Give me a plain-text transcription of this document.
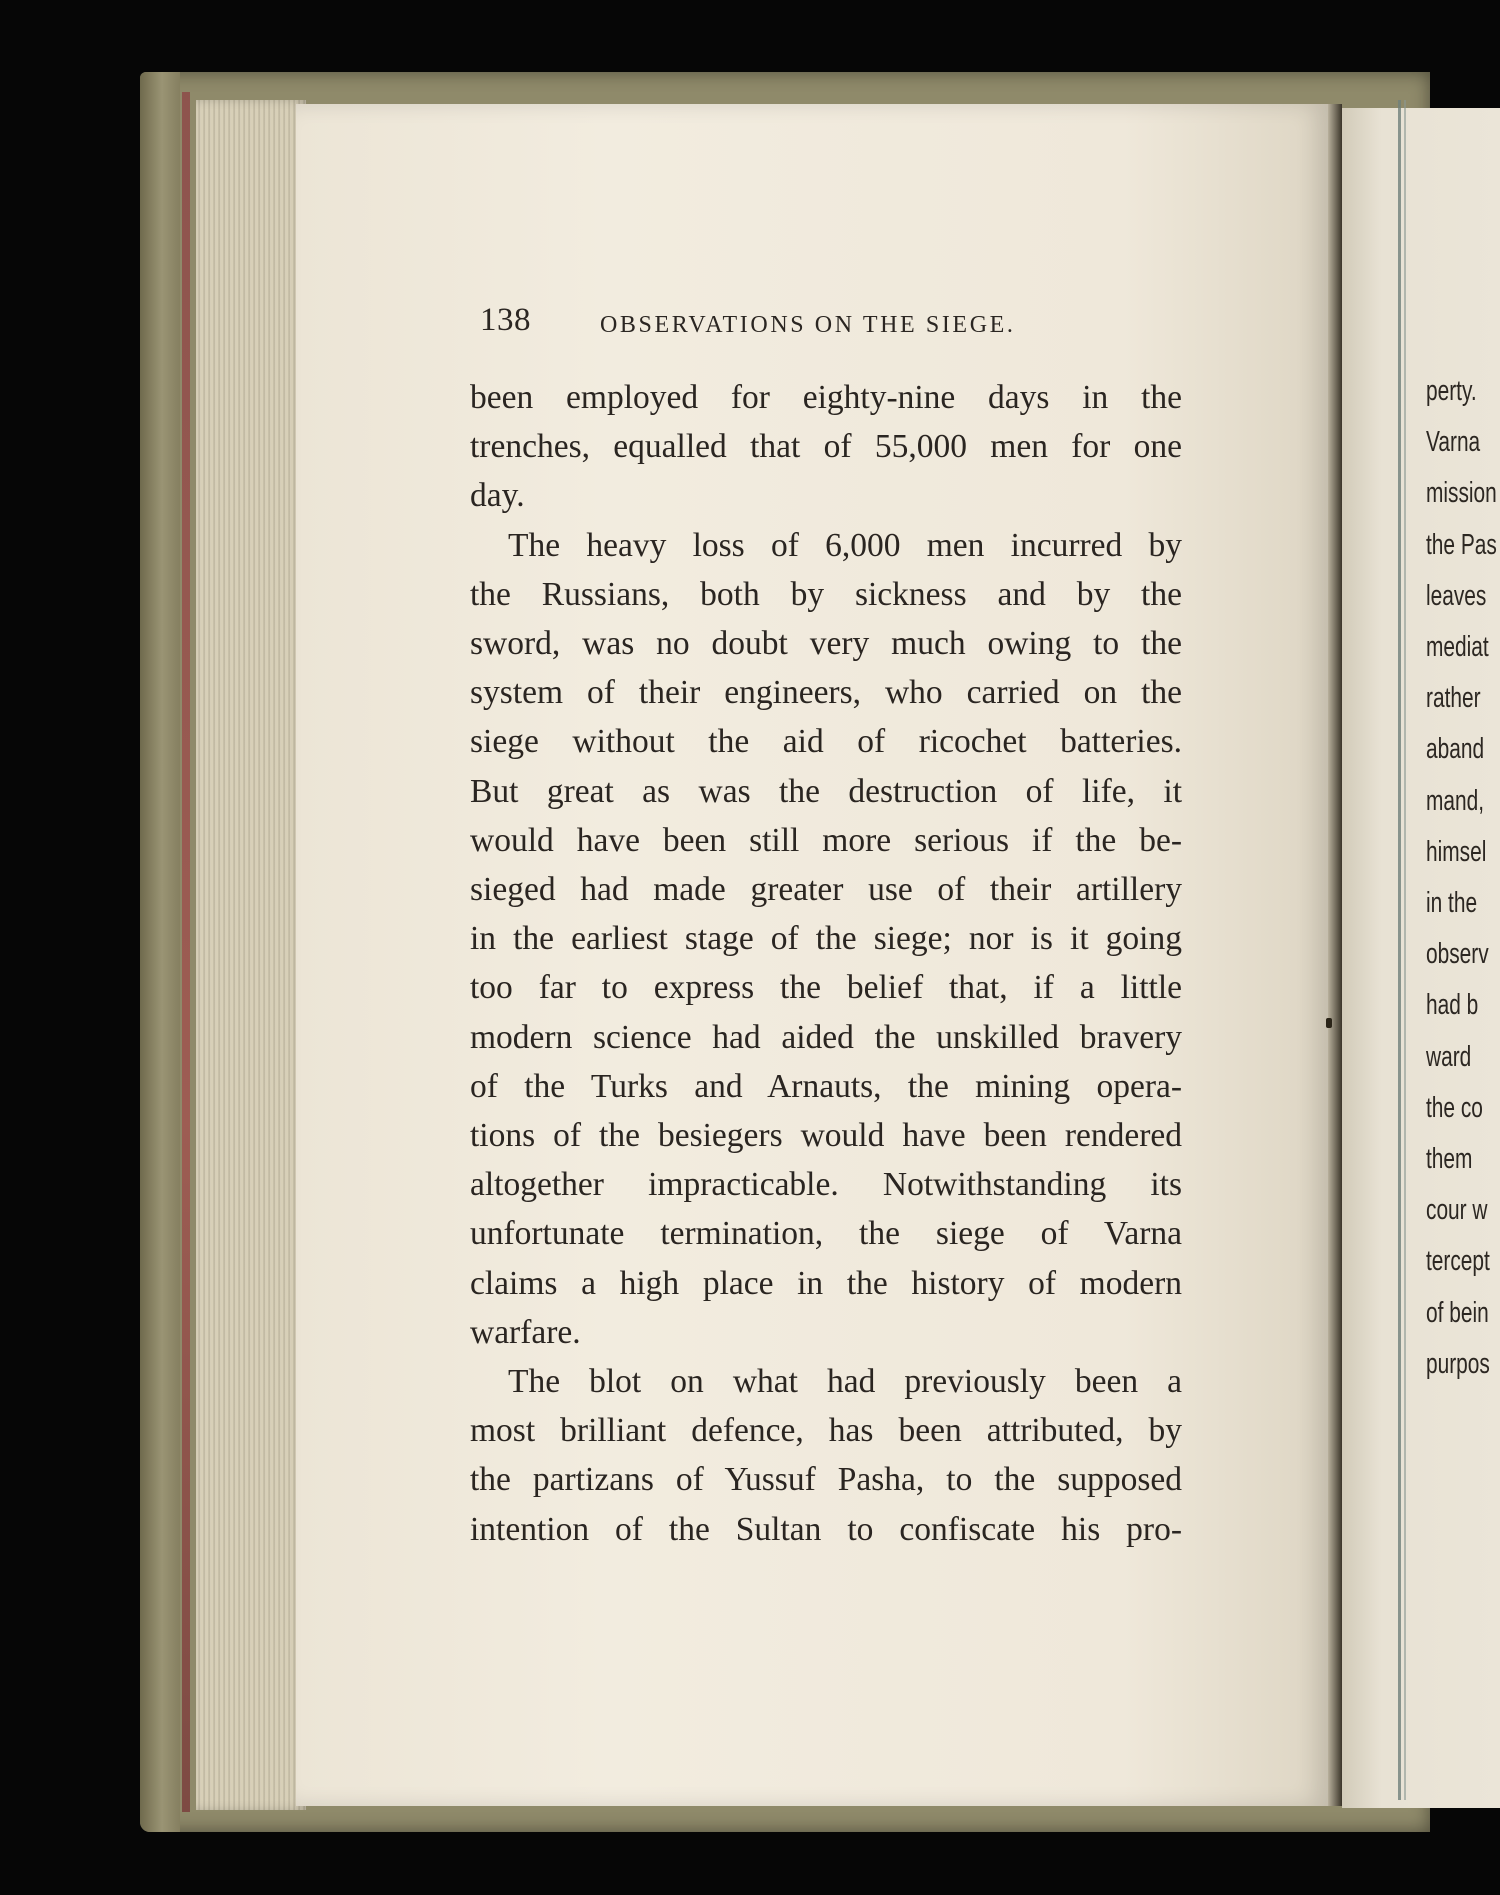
138	OBSERVATIONS ON THE SIEGE.
been employed for eighty-nine days in the
trenches, equalled that of 55,000 men for one
day.
The heavy loss of 6,000 men incurred by
the Russians, both by sickness and by the
sword, was no doubt very much owing to the
system of their engineers, who carried on the
siege without the aid of ricochet batteries.
But great as was the destruction of life, it
would have been still more serious if the be-
sieged had made greater use of their artillery
in the earliest stage of the siege; nor is it going
too far to express the belief that, if a little
modern science had aided the unskilled bravery
of the Turks and Arnauts, the mining opera-
tions of the besiegers would have been rendered
altogether impracticable. Notwithstanding its
unfortunate termination, the siege of Varna
claims a high place in the history of modern
warfare.
The blot on what had previously been a
most brilliant defence, has been attributed, by
the partizans of Yussuf Pasha, to the supposed
intention of the Sultan to confiscate his pro-
perty.
Varna
mission
the Pas
leaves
mediat
rather
aband
mand,
himsel
in the
observ
had b
ward
the co
them
cour w
tercept
of bein
purpos
